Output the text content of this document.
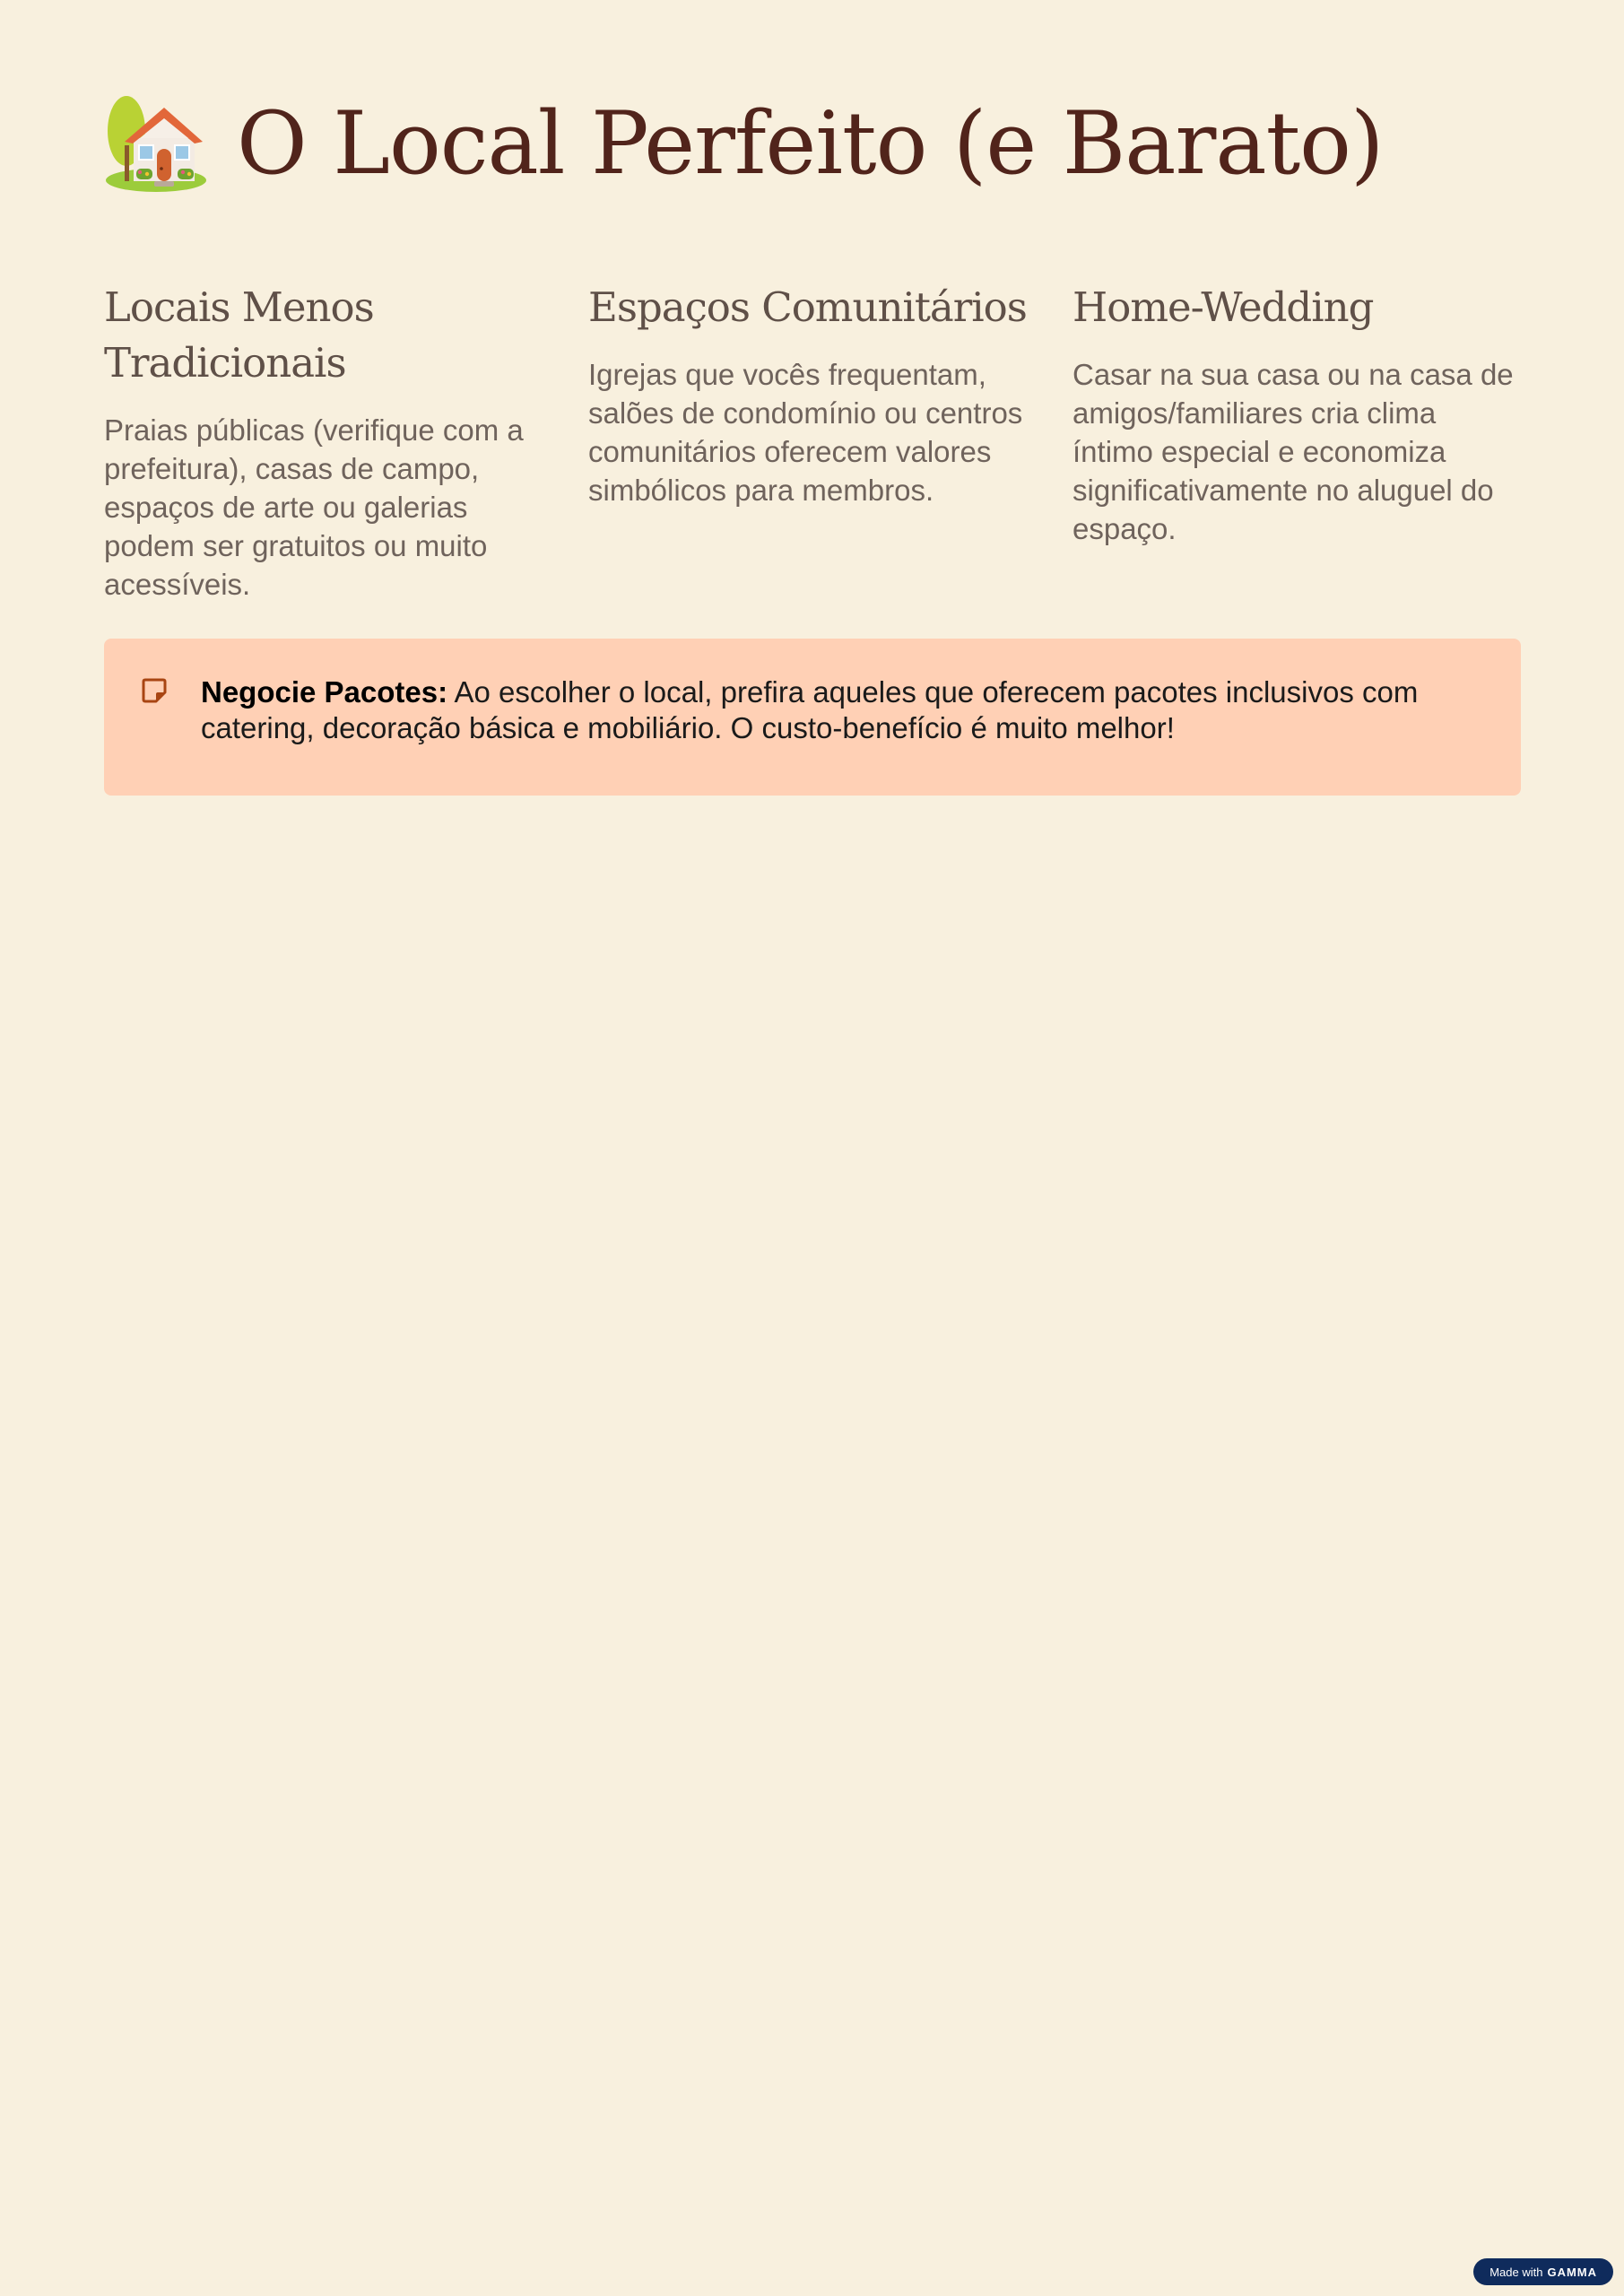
O Local Perfeito (e Barato)
Locais Menos Tradicionais

Praias públicas (verifique com a prefeitura), casas de campo, espaços de arte ou galerias podem ser gratuitos ou muito acessíveis.

Espaços Comunitários

Igrejas que vocês frequentam, salões de condomínio ou centros comunitários oferecem valores simbólicos para membros.

Home-Wedding

Casar na sua casa ou na casa de amigos/familiares cria clima íntimo especial e economiza significativamente no aluguel do espaço.

Negocie Pacotes: Ao escolher o local, prefira aqueles que oferecem pacotes inclusivos com catering, decoração básica e mobiliário. O custo-benefício é muito melhor!
Made with GAMMA
